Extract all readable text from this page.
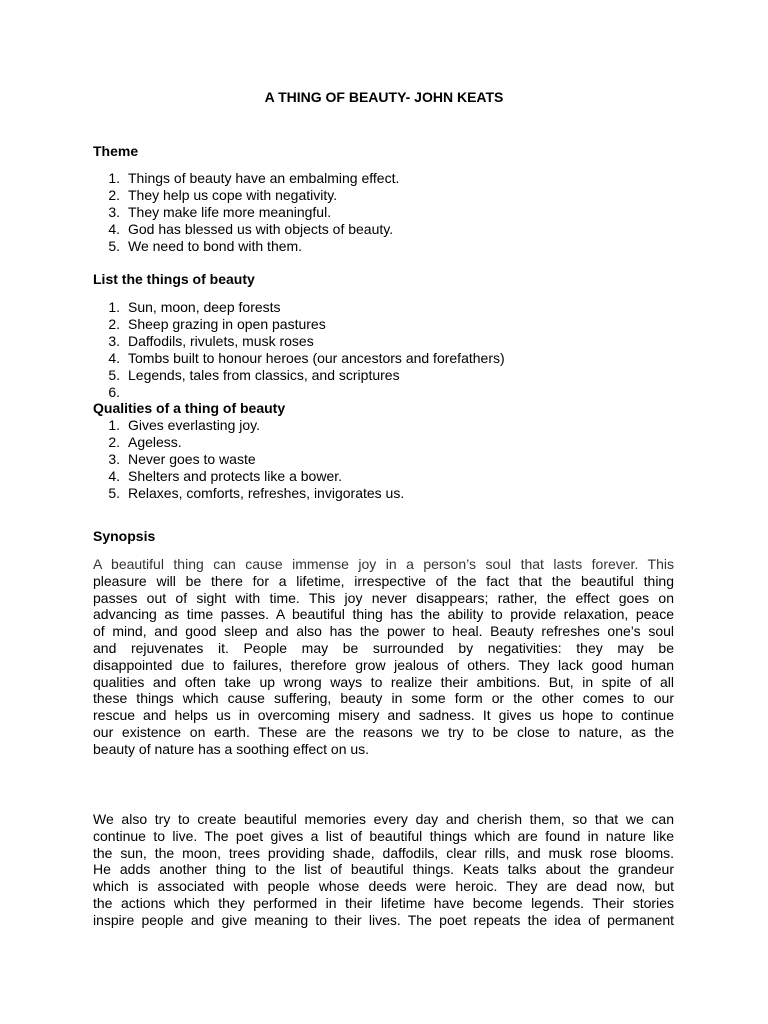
A THING OF BEAUTY- JOHN KEATS
Theme
1. Things of beauty have an embalming effect.
2. They help us cope with negativity.
3. They make life more meaningful.
4. God has blessed us with objects of beauty.
5. We need to bond with them.
List the things of beauty
1. Sun, moon, deep forests
2. Sheep grazing in open pastures
3. Daffodils, rivulets, musk roses
4. Tombs built to honour heroes (our ancestors and forefathers)
5. Legends, tales from classics, and scriptures
6.
Qualities of a thing of beauty
1. Gives everlasting joy.
2. Ageless.
3. Never goes to waste
4. Shelters and protects like a bower.
5. Relaxes, comforts, refreshes, invigorates us.
Synopsis
A beautiful thing can cause immense joy in a person’s soul that lasts forever. This
pleasure will be there for a lifetime, irrespective of the fact that the beautiful thing
passes out of sight with time. This joy never disappears; rather, the effect goes on
advancing as time passes. A beautiful thing has the ability to provide relaxation, peace
of mind, and good sleep and also has the power to heal. Beauty refreshes one’s soul
and rejuvenates it. People may be surrounded by negativities: they may be
disappointed due to failures, therefore grow jealous of others. They lack good human
qualities and often take up wrong ways to realize their ambitions. But, in spite of all
these things which cause suffering, beauty in some form or the other comes to our
rescue and helps us in overcoming misery and sadness. It gives us hope to continue
our existence on earth. These are the reasons we try to be close to nature, as the
beauty of nature has a soothing effect on us.
We also try to create beautiful memories every day and cherish them, so that we can
continue to live. The poet gives a list of beautiful things which are found in nature like
the sun, the moon, trees providing shade, daffodils, clear rills, and musk rose blooms.
He adds another thing to the list of beautiful things. Keats talks about the grandeur
which is associated with people whose deeds were heroic. They are dead now, but
the actions which they performed in their lifetime have become legends. Their stories
inspire people and give meaning to their lives. The poet repeats the idea of permanent
